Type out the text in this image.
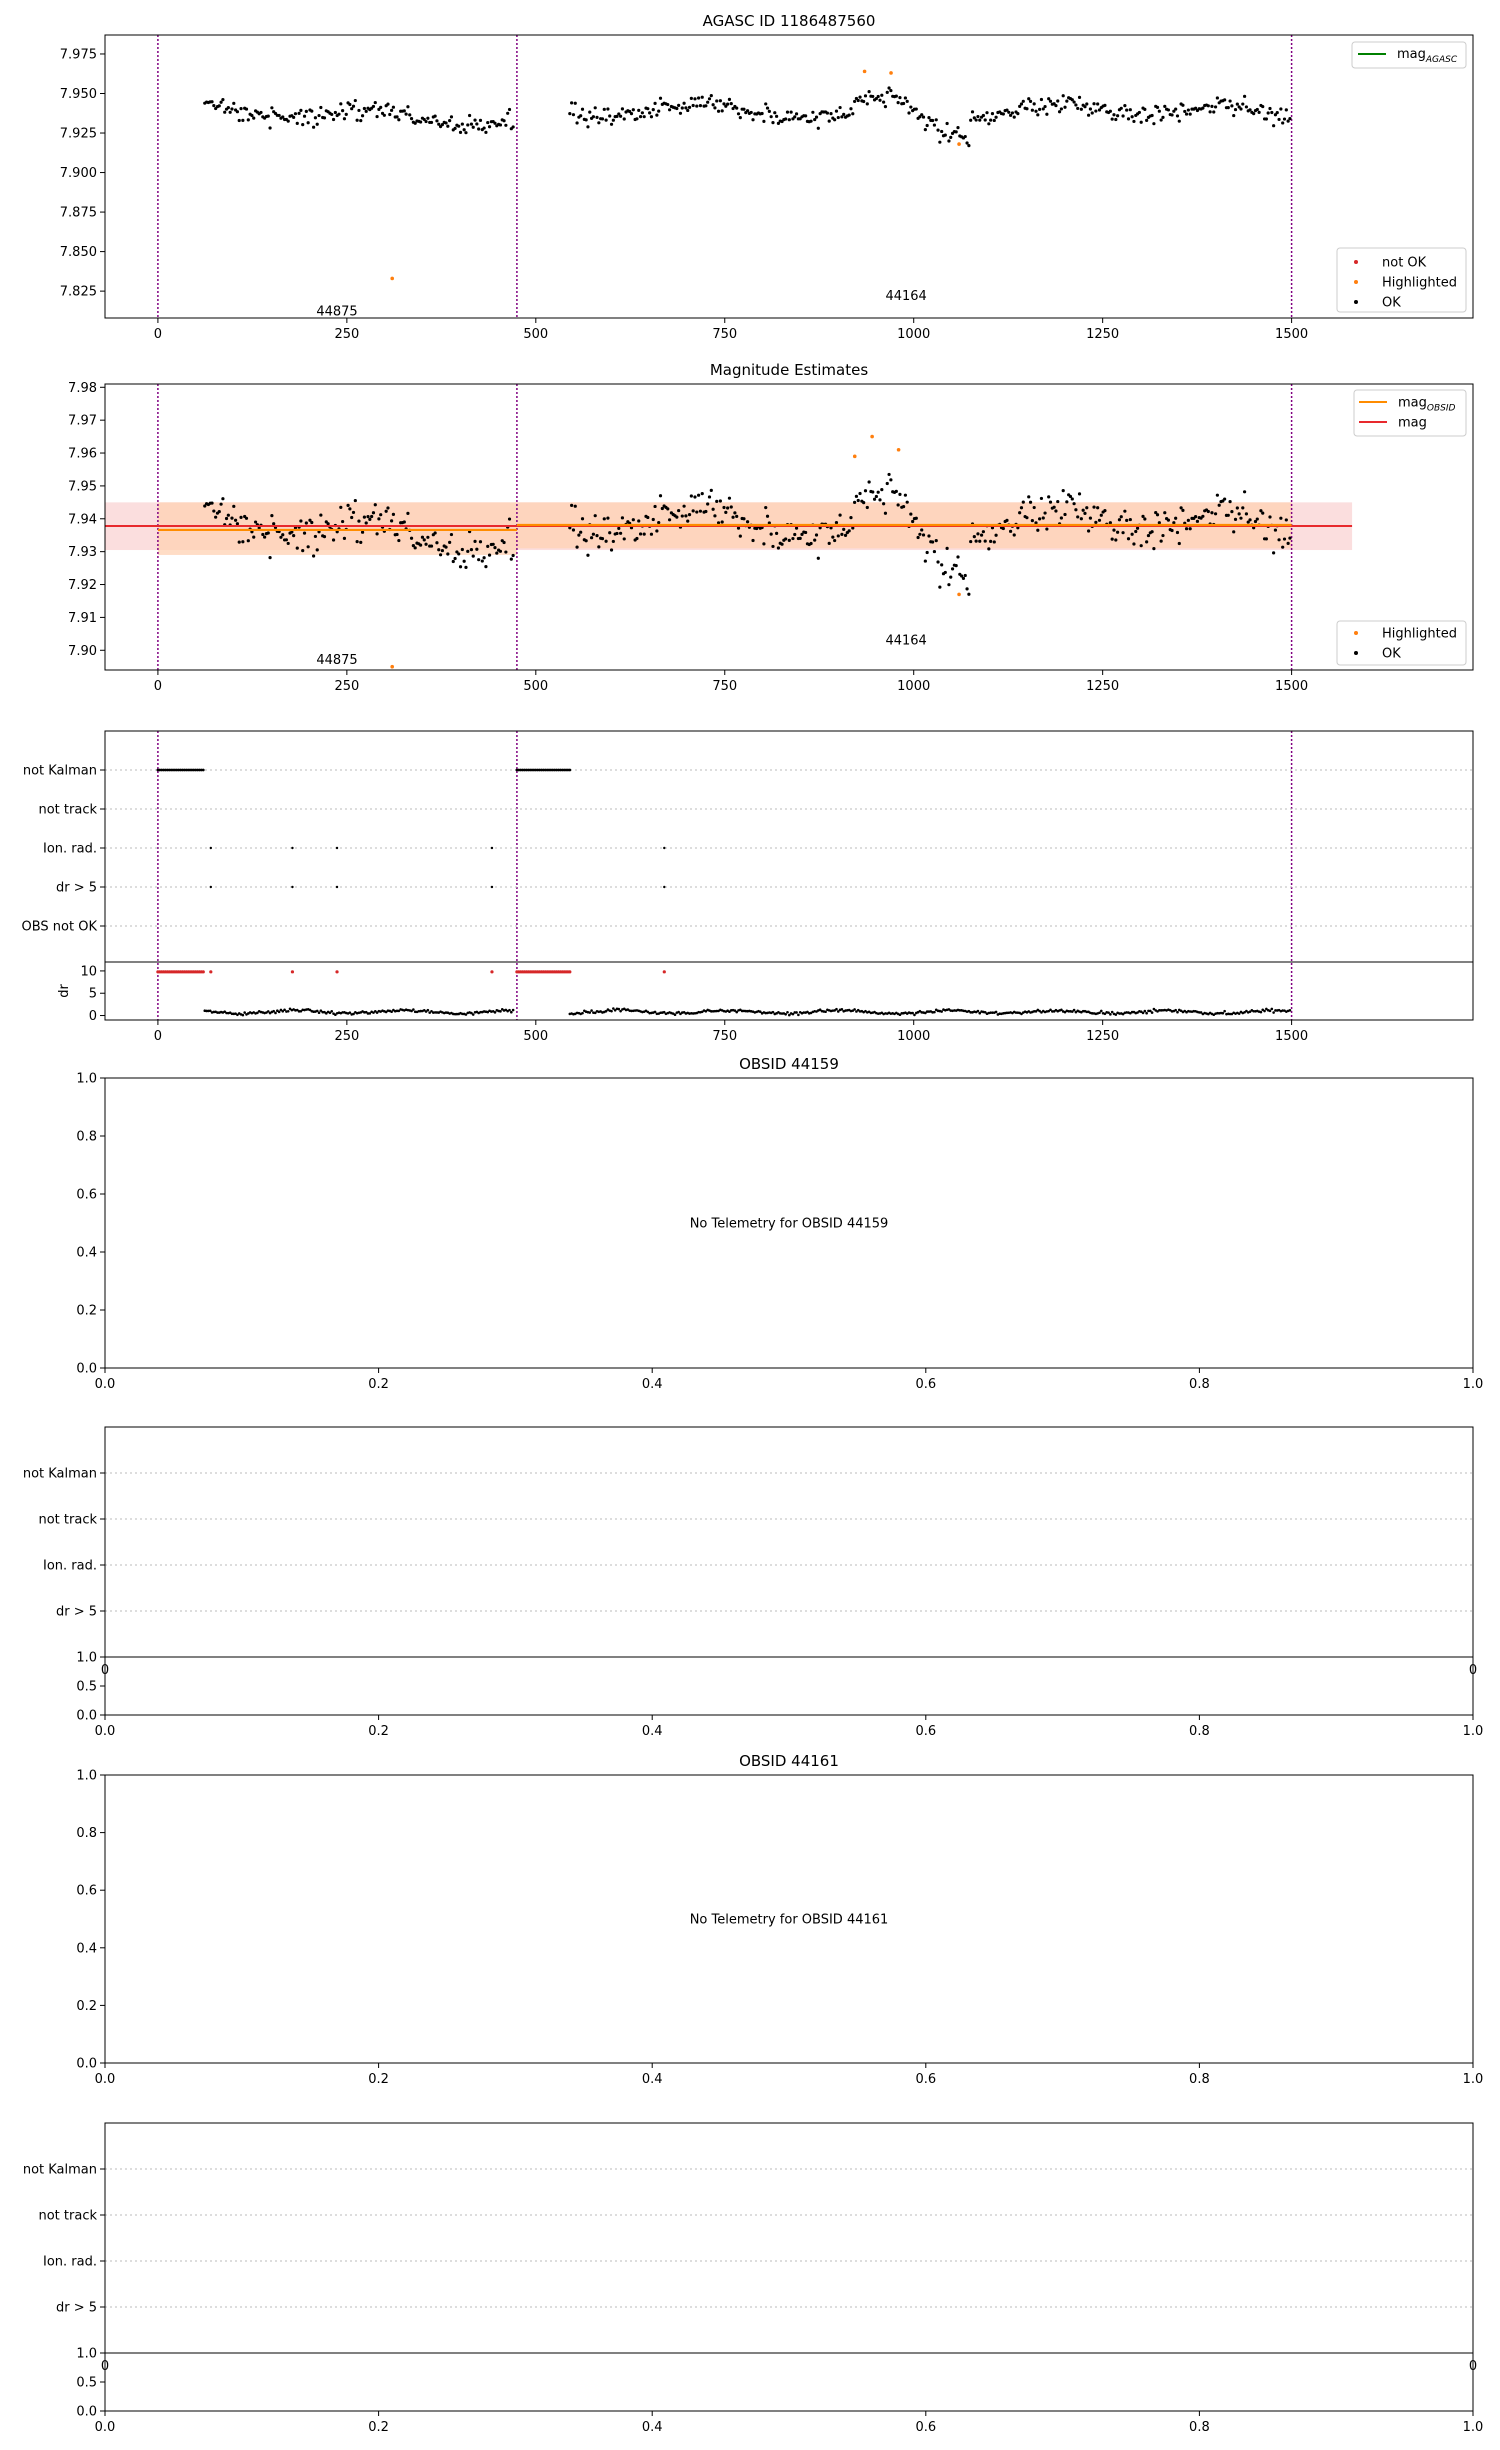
AGASC ID 1186487560
44875
44164
0	250	500	750	1000	1250	1500
7.825
7.850
7.875
7.900
7.925
7.950
7.975	mag$_{AGASC}$
not OK
Highlighted
OK
Magnitude Estimates
44875
44164
0	250	500	750	1000	1250	1500
7.90
7.91
7.92
7.93
7.94
7.95
7.96
7.97
7.98
mag$_{OBSID}$
mag
Highlighted
OK
not Kalman
not track
Ion. rad.
dr > 5
OBS not OK
0
5
10
dr
0	250	500	750	1000	1250	1500
OBSID 44159
No Telemetry for OBSID 44159
0.0	0.2	0.4	0.6	0.8	1.0
0.0
0.2
0.4
0.6
0.8
1.0
OBSID 44161
No Telemetry for OBSID 44161
0.0	0.2	0.4	0.6	0.8	1.0
0.0
0.2
0.4
0.6
0.8
1.0
not Kalman
not track
Ion. rad.
dr > 5
1.0
0	0
0.0
0.5
0.0	0.2	0.4	0.6	0.8	1.0
not Kalman
not track
Ion. rad.
dr > 5
1.0
0	0
0.0
0.5
0.0	0.2	0.4	0.6	0.8	1.0
